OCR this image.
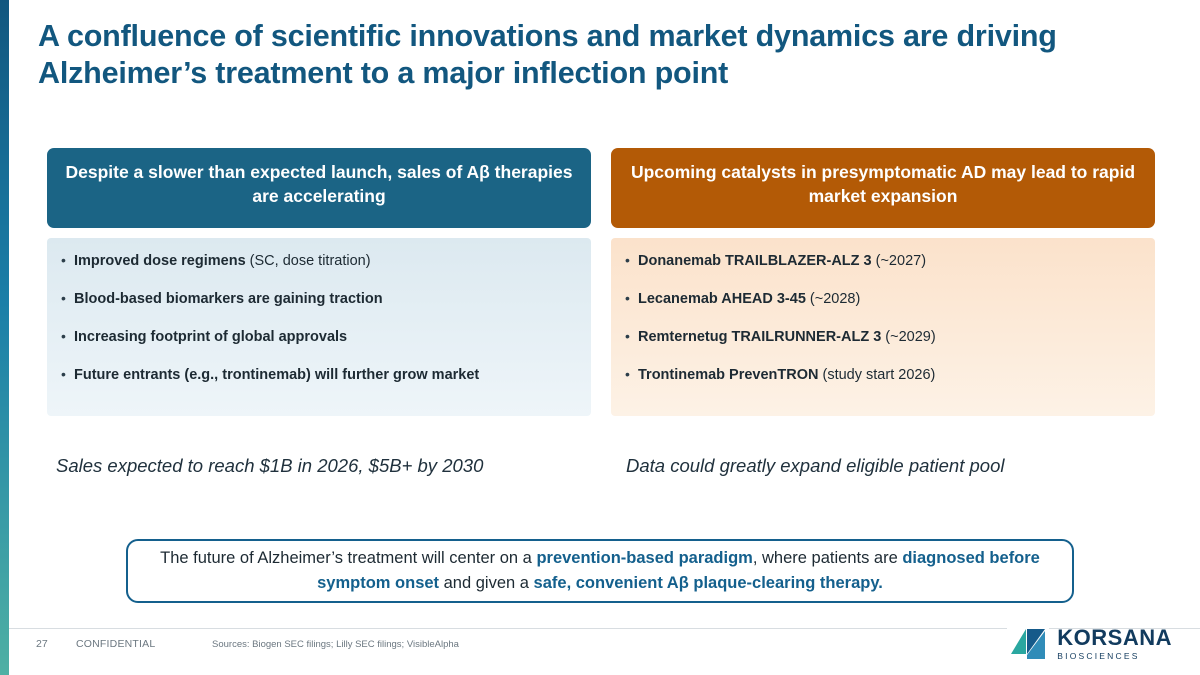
A confluence of scientific innovations and market dynamics are driving Alzheimer’s treatment to a major inflection point
Despite a slower than expected launch, sales of Aβ therapies are accelerating
• Improved dose regimens (SC, dose titration)
• Blood-based biomarkers are gaining traction
• Increasing footprint of global approvals
• Future entrants (e.g., trontinemab) will further grow market
Upcoming catalysts in presymptomatic AD may lead to rapid market expansion
• Donanemab TRAILBLAZER-ALZ 3 (~2027)
• Lecanemab AHEAD 3-45 (~2028)
• Remternetug TRAILRUNNER-ALZ 3 (~2029)
• Trontinemab PrevenTRON (study start 2026)
Sales expected to reach $1B in 2026, $5B+ by 2030	Data could greatly expand eligible patient pool
The future of Alzheimer’s treatment will center on a prevention-based paradigm, where patients are diagnosed before symptom onset and given a safe, convenient Aβ plaque-clearing therapy.
27	CONFIDENTIAL	Sources: Biogen SEC filings; Lilly SEC filings; VisibleAlpha	KORSANA
BIOSCIENCES
